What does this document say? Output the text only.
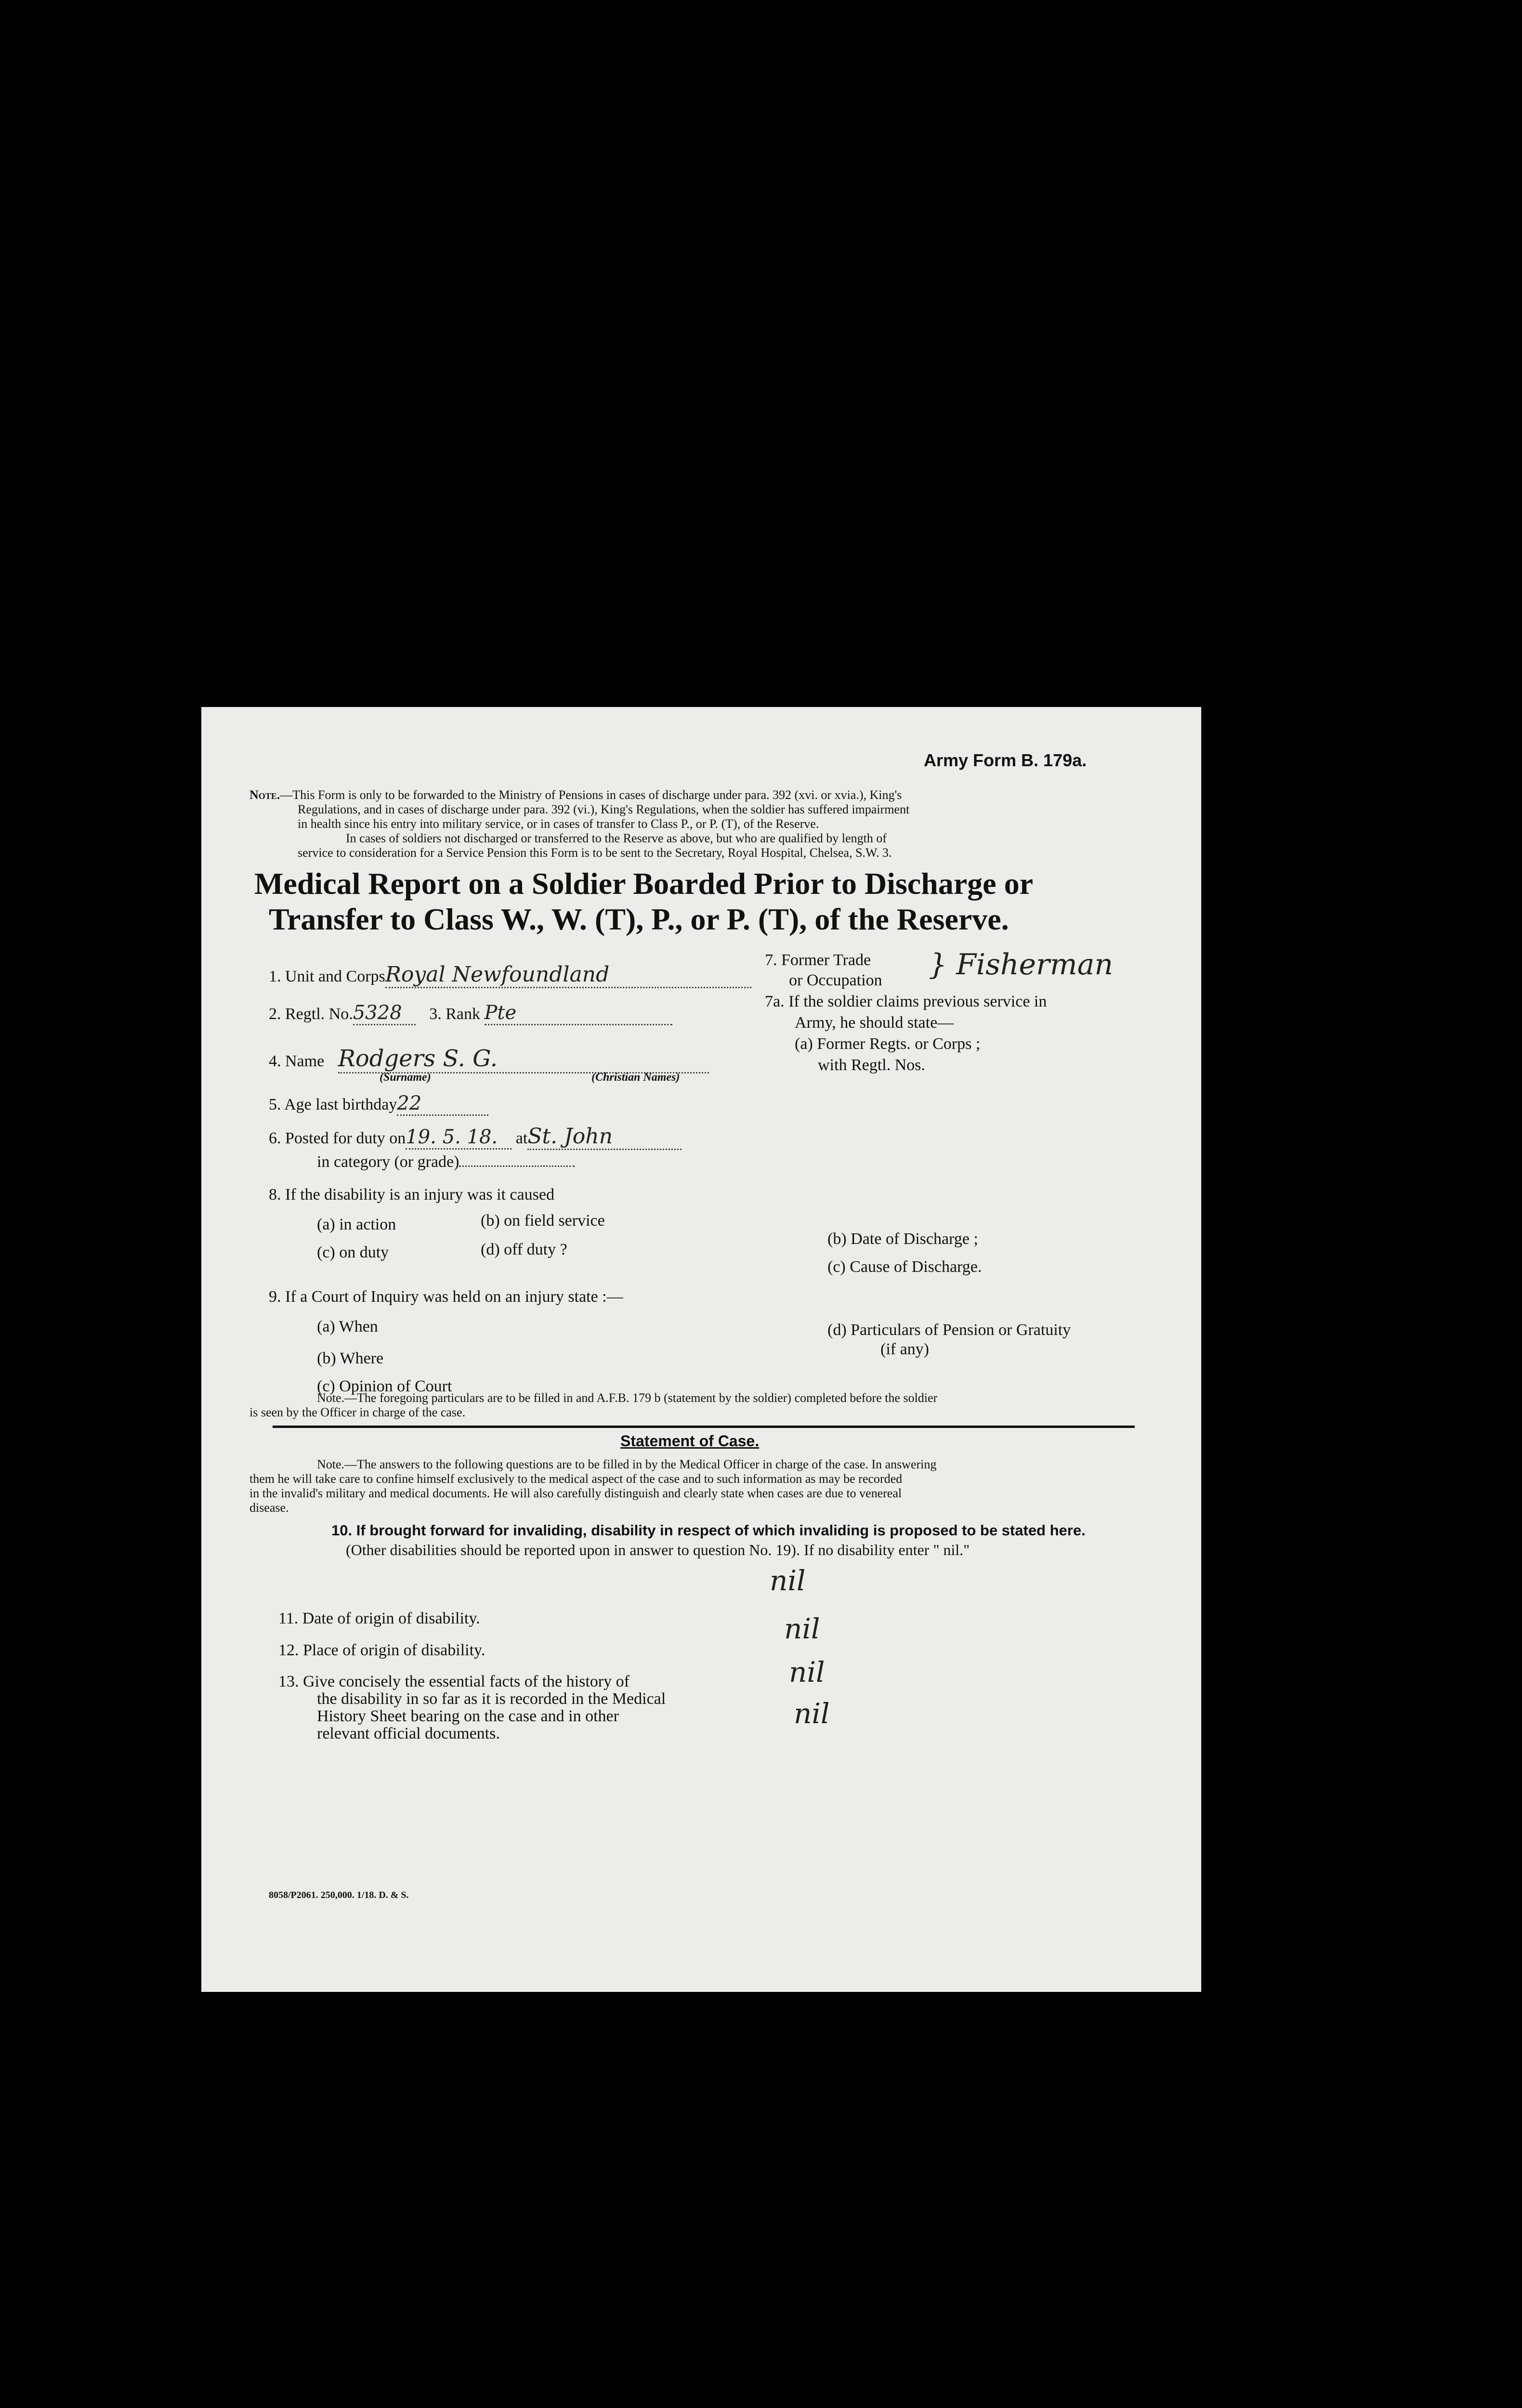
Army Form B. 179a.
Note.—This Form is only to be forwarded to the Ministry of Pensions in cases of discharge under para. 392 (xvi. or xvia.), King's
Regulations, and in cases of discharge under para. 392 (vi.), King's Regulations, when the soldier has suffered impairment
in health since his entry into military service, or in cases of transfer to Class P., or P. (T), of the Reserve.
In cases of soldiers not discharged or transferred to the Reserve as above, but who are qualified by length of
service to consideration for a Service Pension this Form is to be sent to the Secretary, Royal Hospital, Chelsea, S.W. 3.
Medical Report on a Soldier Boarded Prior to Discharge or
Transfer to Class W., W. (T), P., or P. (T), of the Reserve.
1. Unit and CorpsRoyal Newfoundland
2. Regtl. No.5328 3. Rank Pte
4. Name Rodgers S. G.
(Surname)	(Christian Names)
5. Age last birthday22
6. Posted for duty on19. 5. 18. atSt. John
in category (or grade)
7. Former Trade
or Occupation } Fisherman
7a. If the soldier claims previous service in
Army, he should state—
(a) Former Regts. or Corps ;
with Regtl. Nos.
8. If the disability is an injury was it caused
(a) in action	(b) on field service
(c) on duty	(d) off duty ?
(b) Date of Discharge ;
(c) Cause of Discharge.
9. If a Court of Inquiry was held on an injury state :—
(a) When
(b) Where
(c) Opinion of Court
(d) Particulars of Pension or Gratuity
(if any)
Note.—The foregoing particulars are to be filled in and A.F.B. 179 b (statement by the soldier) completed before the soldier
is seen by the Officer in charge of the case.
Statement of Case.
Note.—The answers to the following questions are to be filled in by the Medical Officer in charge of the case. In answering
them he will take care to confine himself exclusively to the medical aspect of the case and to such information as may be recorded
in the invalid's military and medical documents. He will also carefully distinguish and clearly state when cases are due to venereal
disease.
10. If brought forward for invaliding, disability in respect of which invaliding is proposed to be stated here.
(Other disabilities should be reported upon in answer to question No. 19). If no disability enter " nil."
nil
11. Date of origin of disability.	nil
12. Place of origin of disability.
nil
13. Give concisely the essential facts of the history of
the disability in so far as it is recorded in the Medical
History Sheet bearing on the case and in other
relevant official documents.
nil
8058/P2061. 250,000. 1/18. D. & S.
